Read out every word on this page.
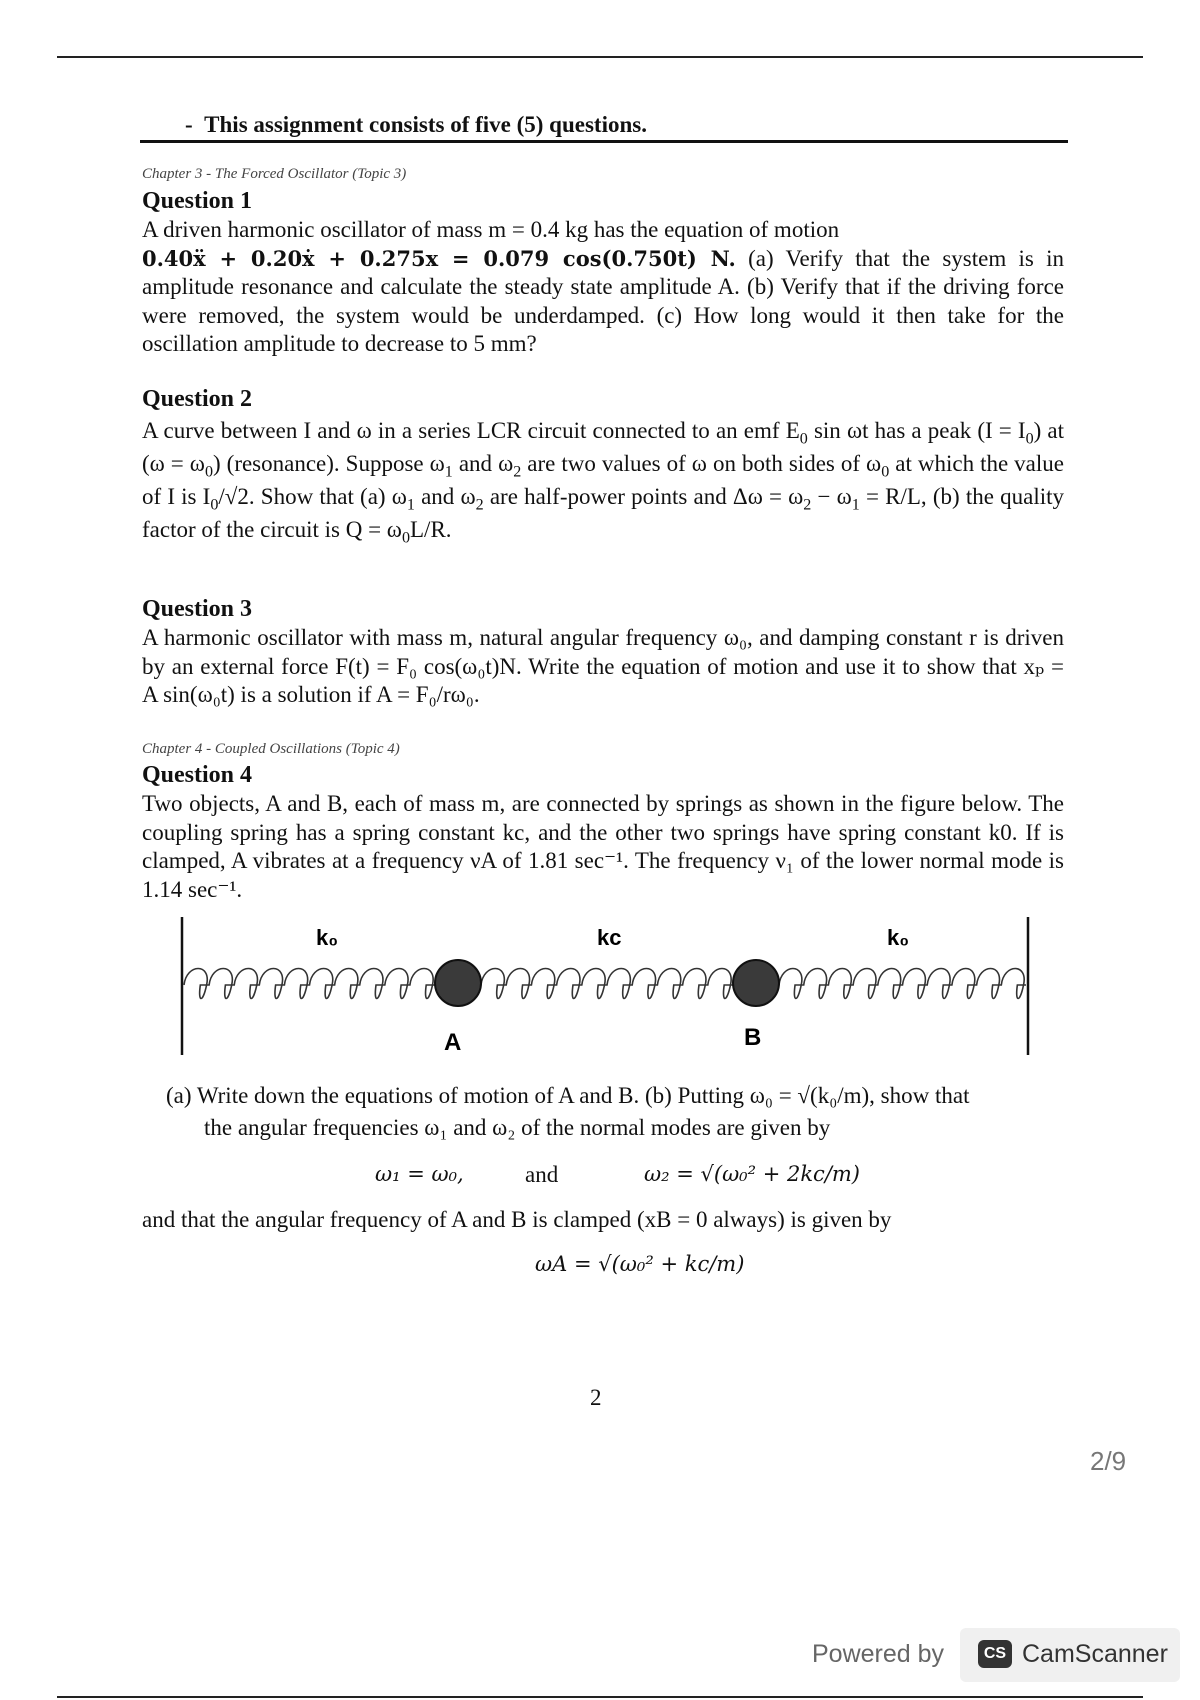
-  This assignment consists of five (5) questions.
Chapter 3 - The Forced Oscillator (Topic 3)
Question 1
A driven harmonic oscillator of mass m = 0.4 kg has the equation of motion
0.40ẍ + 0.20ẋ + 0.275x = 0.079 cos(0.750t) N. (a) Verify that the system is in amplitude resonance and calculate the steady state amplitude A. (b) Verify that if the driving force were removed, the system would be underdamped. (c) How long would it then take for the oscillation amplitude to decrease to 5 mm?
Question 2
A curve between I and ω in a series LCR circuit connected to an emf $E_0$ sin ωt has a peak $(I = I_0)$ at $(\omega = \omega_0)$ (resonance). Suppose $\omega_1$ and $\omega_2$ are two values of ω on both sides of $\omega_0$ at which the value of I is $I_0/√2$. Show that (a) $\omega_1$ and $\omega_2$ are half-power points and $\Delta\omega = \omega_2 - \omega_1 = R/L$, (b) the quality factor of the circuit is $Q = \omega_0L/R$.
Question 3
A harmonic oscillator with mass m, natural angular frequency ω₀, and damping constant r is driven by an external force F(t) = F₀ cos(ω₀t)N. Write the equation of motion and use it to show that xₚ = A sin(ω₀t) is a solution if A = F₀/rω₀.
Chapter 4 - Coupled Oscillations (Topic 4)
Question 4
Two objects, A and B, each of mass m, are connected by springs as shown in the figure below. The coupling spring has a spring constant kc, and the other two springs have spring constant k0. If is clamped, A vibrates at a frequency νA of 1.81 sec⁻¹. The frequency ν₁ of the lower normal mode is 1.14 sec⁻¹.
k₀	kc	k₀
A	B
(a) Write down the equations of motion of A and B. (b) Putting ω₀ = √(k₀/m), show that
the angular frequencies ω₁ and ω₂ of the normal modes are given by
ω₁ = ω₀,	and	ω₂ = √(ω₀² + 2kc/m)
and that the angular frequency of A and B is clamped (xB = 0 always) is given by
ωA = √(ω₀² + kc/m)
2
2/9
Powered by	CS CamScanner
